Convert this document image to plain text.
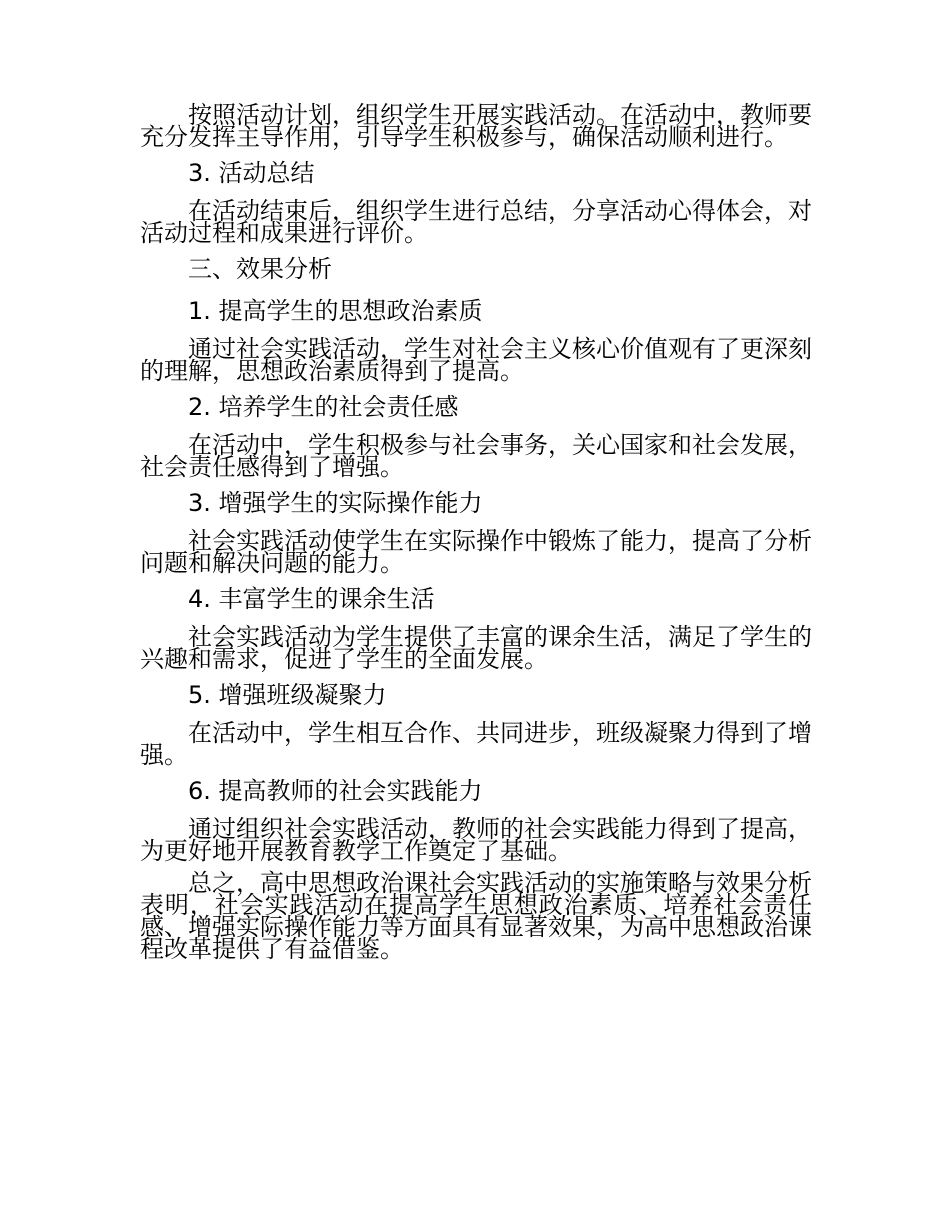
按照活动计划，组织学生开展实践活动。在活动中，教师要充分发挥主导作用，引导学生积极参与，确保活动顺利进行。

3. 活动总结

在活动结束后，组织学生进行总结，分享活动心得体会，对活动过程和成果进行评价。

三、效果分析

1. 提高学生的思想政治素质

通过社会实践活动，学生对社会主义核心价值观有了更深刻的理解，思想政治素质得到了提高。

2. 培养学生的社会责任感

在活动中，学生积极参与社会事务，关心国家和社会发展，社会责任感得到了增强。

3. 增强学生的实际操作能力

社会实践活动使学生在实际操作中锻炼了能力，提高了分析问题和解决问题的能力。

4. 丰富学生的课余生活

社会实践活动为学生提供了丰富的课余生活，满足了学生的兴趣和需求，促进了学生的全面发展。

5. 增强班级凝聚力

在活动中，学生相互合作、共同进步，班级凝聚力得到了增强。

6. 提高教师的社会实践能力

通过组织社会实践活动，教师的社会实践能力得到了提高，为更好地开展教育教学工作奠定了基础。

总之，高中思想政治课社会实践活动的实施策略与效果分析表明，社会实践活动在提高学生思想政治素质、培养社会责任感、增强实际操作能力等方面具有显著效果，为高中思想政治课程改革提供了有益借鉴。
